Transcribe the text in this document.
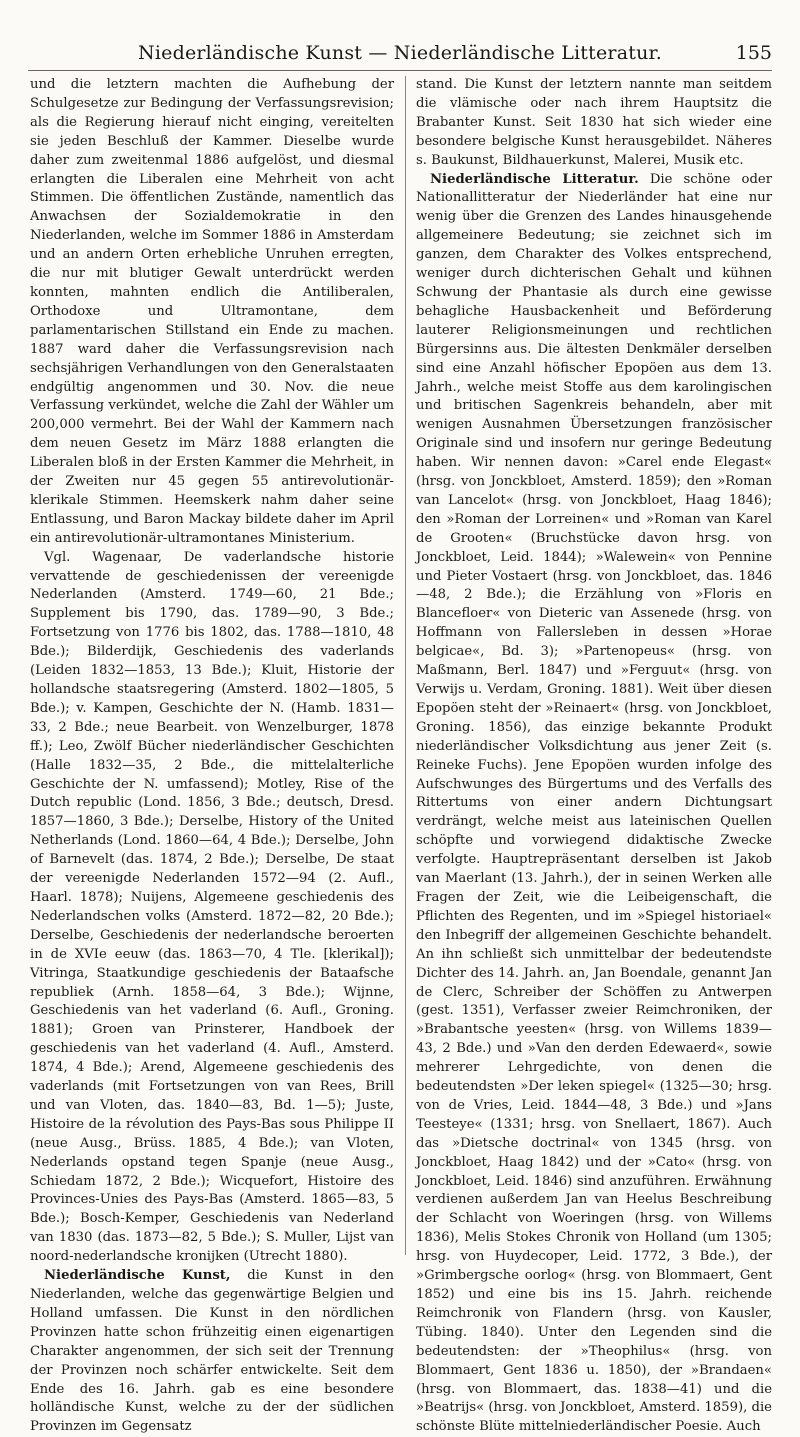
Niederländische Kunst — Niederländische Litteratur.	155

und die letztern machten die Aufhebung der Schulgesetze zur Bedingung der Verfassungsrevision; als die Regierung hierauf nicht einging, vereitelten sie jeden Beschluß der Kammer. Dieselbe wurde daher zum zweitenmal 1886 aufgelöst, und diesmal erlangten die Liberalen eine Mehrheit von acht Stimmen. Die öffentlichen Zustände, namentlich das Anwachsen der Sozialdemokratie in den Niederlanden, welche im Sommer 1886 in Amsterdam und an andern Orten erhebliche Unruhen erregten, die nur mit blutiger Gewalt unterdrückt werden konnten, mahnten endlich die Antiliberalen, Orthodoxe und Ultramontane, dem parlamentarischen Stillstand ein Ende zu machen. 1887 ward daher die Verfassungsrevision nach sechsjährigen Verhandlungen von den Generalstaaten endgültig angenommen und 30. Nov. die neue Verfassung verkündet, welche die Zahl der Wähler um 200,000 vermehrt. Bei der Wahl der Kammern nach dem neuen Gesetz im März 1888 erlangten die Liberalen bloß in der Ersten Kammer die Mehrheit, in der Zweiten nur 45 gegen 55 antirevolutionär-klerikale Stimmen. Heemskerk nahm daher seine Entlassung, und Baron Mackay bildete daher im April ein antirevolutionär-ultramontanes Ministerium.

Vgl. Wagenaar, De vaderlandsche historie vervattende de geschiedenissen der vereenigde Nederlanden (Amsterd. 1749—60, 21 Bde.; Supplement bis 1790, das. 1789—90, 3 Bde.; Fortsetzung von 1776 bis 1802, das. 1788—1810, 48 Bde.); Bilderdijk, Geschiedenis des vaderlands (Leiden 1832—1853, 13 Bde.); Kluit, Historie der hollandsche staatsregering (Amsterd. 1802—1805, 5 Bde.); v. Kampen, Geschichte der N. (Hamb. 1831—33, 2 Bde.; neue Bearbeit. von Wenzelburger, 1878 ff.); Leo, Zwölf Bücher niederländischer Geschichten (Halle 1832—35, 2 Bde., die mittelalterliche Geschichte der N. umfassend); Motley, Rise of the Dutch republic (Lond. 1856, 3 Bde.; deutsch, Dresd. 1857—1860, 3 Bde.); Derselbe, History of the United Netherlands (Lond. 1860—64, 4 Bde.); Derselbe, John of Barnevelt (das. 1874, 2 Bde.); Derselbe, De staat der vereenigde Nederlanden 1572—94 (2. Aufl., Haarl. 1878); Nuijens, Algemeene geschiedenis des Nederlandschen volks (Amsterd. 1872—82, 20 Bde.); Derselbe, Geschiedenis der nederlandsche beroerten in de XVIe eeuw (das. 1863—70, 4 Tle. [klerikal]); Vitringa, Staatkundige geschiedenis der Bataafsche republiek (Arnh. 1858—64, 3 Bde.); Wijnne, Geschiedenis van het vaderland (6. Aufl., Groning. 1881); Groen van Prinsterer, Handboek der geschiedenis van het vaderland (4. Aufl., Amsterd. 1874, 4 Bde.); Arend, Algemeene geschiedenis des vaderlands (mit Fortsetzungen von van Rees, Brill und van Vloten, das. 1840—83, Bd. 1—5); Juste, Histoire de la révolution des Pays-Bas sous Philippe II (neue Ausg., Brüss. 1885, 4 Bde.); van Vloten, Nederlands opstand tegen Spanje (neue Ausg., Schiedam 1872, 2 Bde.); Wicquefort, Histoire des Provinces-Unies des Pays-Bas (Amsterd. 1865—83, 5 Bde.); Bosch-Kemper, Geschiedenis van Nederland van 1830 (das. 1873—82, 5 Bde.); S. Muller, Lijst van noord-nederlandsche kronijken (Utrecht 1880).

Niederländische Kunst, die Kunst in den Niederlanden, welche das gegenwärtige Belgien und Holland umfassen. Die Kunst in den nördlichen Provinzen hatte schon frühzeitig einen eigenartigen Charakter angenommen, der sich seit der Trennung der Provinzen noch schärfer entwickelte. Seit dem Ende des 16. Jahrh. gab es eine besondere holländische Kunst, welche zu der der südlichen Provinzen im Gegensatz

stand. Die Kunst der letztern nannte man seitdem die vlämische oder nach ihrem Hauptsitz die Brabanter Kunst. Seit 1830 hat sich wieder eine besondere belgische Kunst herausgebildet. Näheres s. Baukunst, Bildhauerkunst, Malerei, Musik etc.

Niederländische Litteratur. Die schöne oder Nationallitteratur der Niederländer hat eine nur wenig über die Grenzen des Landes hinausgehende allgemeinere Bedeutung; sie zeichnet sich im ganzen, dem Charakter des Volkes entsprechend, weniger durch dichterischen Gehalt und kühnen Schwung der Phantasie als durch eine gewisse behagliche Hausbackenheit und Beförderung lauterer Religionsmeinungen und rechtlichen Bürgersinns aus. Die ältesten Denkmäler derselben sind eine Anzahl höfischer Epopöen aus dem 13. Jahrh., welche meist Stoffe aus dem karolingischen und britischen Sagenkreis behandeln, aber mit wenigen Ausnahmen Übersetzungen französischer Originale sind und insofern nur geringe Bedeutung haben. Wir nennen davon: »Carel ende Elegast« (hrsg. von Jonckbloet, Amsterd. 1859); den »Roman van Lancelot« (hrsg. von Jonckbloet, Haag 1846); den »Roman der Lorreinen« und »Roman van Karel de Grooten« (Bruchstücke davon hrsg. von Jonckbloet, Leid. 1844); »Walewein« von Pennine und Pieter Vostaert (hrsg. von Jonckbloet, das. 1846—48, 2 Bde.); die Erzählung von »Floris en Blancefloer« von Dieteric van Assenede (hrsg. von Hoffmann von Fallersleben in dessen »Horae belgicae«, Bd. 3); »Partenopeus« (hrsg. von Maßmann, Berl. 1847) und »Ferguut« (hrsg. von Verwijs u. Verdam, Groning. 1881). Weit über diesen Epopöen steht der »Reinaert« (hrsg. von Jonckbloet, Groning. 1856), das einzige bekannte Produkt niederländischer Volksdichtung aus jener Zeit (s. Reineke Fuchs). Jene Epopöen wurden infolge des Aufschwunges des Bürgertums und des Verfalls des Rittertums von einer andern Dichtungsart verdrängt, welche meist aus lateinischen Quellen schöpfte und vorwiegend didaktische Zwecke verfolgte. Hauptrepräsentant derselben ist Jakob van Maerlant (13. Jahrh.), der in seinen Werken alle Fragen der Zeit, wie die Leibeigenschaft, die Pflichten des Regenten, und im »Spiegel historiael« den Inbegriff der allgemeinen Geschichte behandelt. An ihn schließt sich unmittelbar der bedeutendste Dichter des 14. Jahrh. an, Jan Boendale, genannt Jan de Clerc, Schreiber der Schöffen zu Antwerpen (gest. 1351), Verfasser zweier Reimchroniken, der »Brabantsche yeesten« (hrsg. von Willems 1839—43, 2 Bde.) und »Van den derden Edewaerd«, sowie mehrerer Lehrgedichte, von denen die bedeutendsten »Der leken spiegel« (1325—30; hrsg. von de Vries, Leid. 1844—48, 3 Bde.) und »Jans Teesteye« (1331; hrsg. von Snellaert, 1867). Auch das »Dietsche doctrinal« von 1345 (hrsg. von Jonckbloet, Haag 1842) und der »Cato« (hrsg. von Jonckbloet, Leid. 1846) sind anzuführen. Erwähnung verdienen außerdem Jan van Heelus Beschreibung der Schlacht von Woeringen (hrsg. von Willems 1836), Melis Stokes Chronik von Holland (um 1305; hrsg. von Huydecoper, Leid. 1772, 3 Bde.), der »Grimbergsche oorlog« (hrsg. von Blommaert, Gent 1852) und eine bis ins 15. Jahrh. reichende Reimchronik von Flandern (hrsg. von Kausler, Tübing. 1840). Unter den Legenden sind die bedeutendsten: der »Theophilus« (hrsg. von Blommaert, Gent 1836 u. 1850), der »Brandaen« (hrsg. von Blommaert, das. 1838—41) und die »Beatrijs« (hrsg. von Jonckbloet, Amsterd. 1859), die schönste Blüte mittelniederländischer Poesie. Auch
